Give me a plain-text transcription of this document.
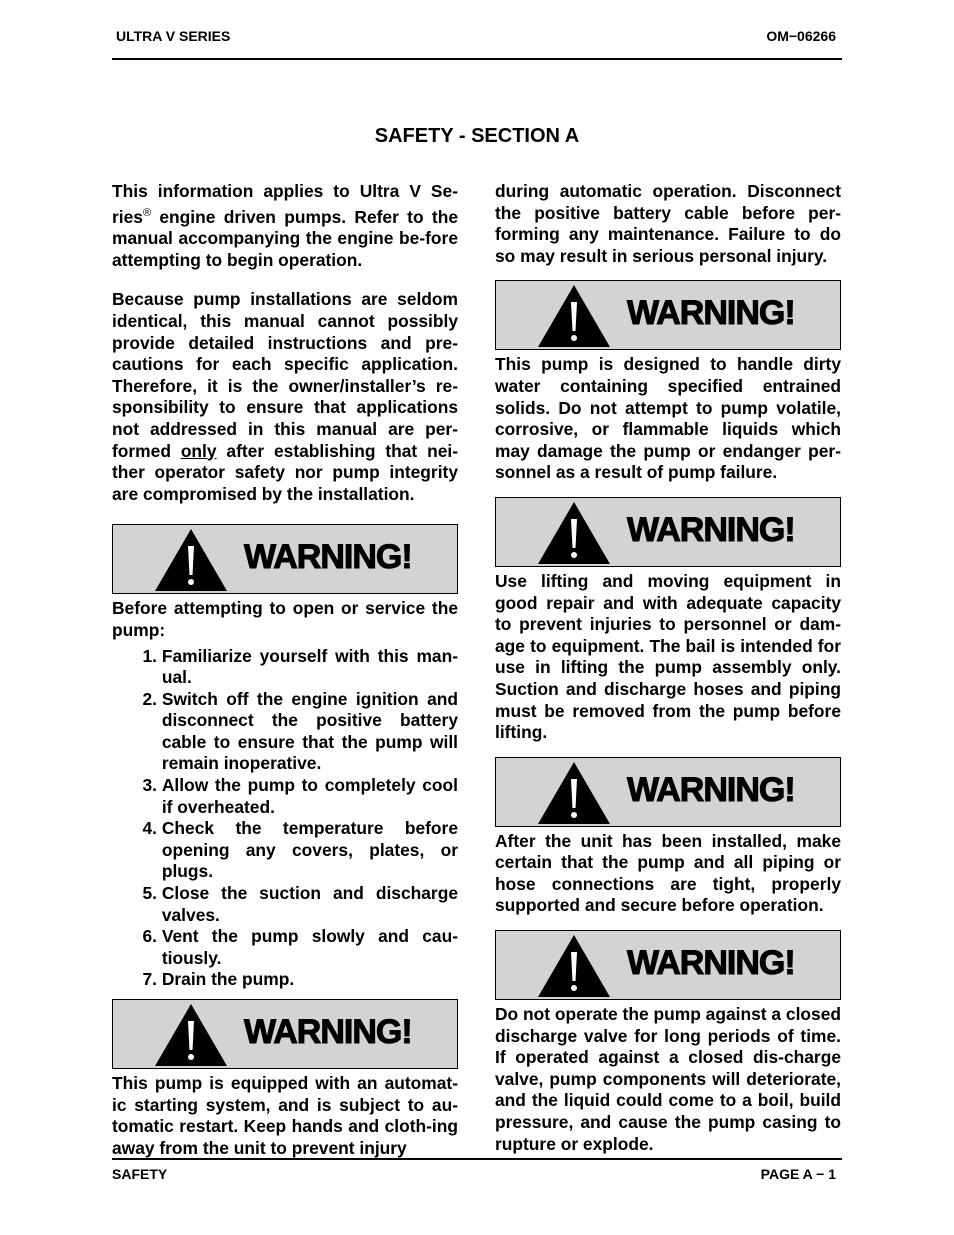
ULTRA V SERIES	OM−06266
SAFETY - SECTION A

This information applies to Ultra V Se-ries® engine driven pumps. Refer to the manual accompanying the engine be-fore attempting to begin operation.

Because pump installations are seldom identical, this manual cannot possibly provide detailed instructions and pre-cautions for each specific application. Therefore, it is the owner/installer’s re-sponsibility to ensure that applications not addressed in this manual are per-formed only after establishing that nei-ther operator safety nor pump integrity are compromised by the installation.

WARNING!

Before attempting to open or service the pump:

1.
Familiarize yourself with this man-ual.
2.
Switch off the engine ignition and disconnect the positive battery cable to ensure that the pump will remain inoperative.
3.
Allow the pump to completely cool if overheated.
4.
Check the temperature before opening any covers, plates, or plugs.
5.
Close the suction and discharge valves.
6.
Vent the pump slowly and cau-tiously.
7.
Drain the pump.
WARNING!

This pump is equipped with an automat-ic starting system, and is subject to au-tomatic restart. Keep hands and cloth-ing away from the unit to prevent injury

during automatic operation. Disconnect the positive battery cable before per-forming any maintenance. Failure to do so may result in serious personal injury.

WARNING!

This pump is designed to handle dirty water containing specified entrained solids. Do not attempt to pump volatile, corrosive, or flammable liquids which may damage the pump or endanger per-sonnel as a result of pump failure.

WARNING!

Use lifting and moving equipment in good repair and with adequate capacity to prevent injuries to personnel or dam-age to equipment. The bail is intended for use in lifting the pump assembly only. Suction and discharge hoses and piping must be removed from the pump before lifting.

WARNING!

After the unit has been installed, make certain that the pump and all piping or hose connections are tight, properly supported and secure before operation.

WARNING!

Do not operate the pump against a closed discharge valve for long periods of time. If operated against a closed dis-charge valve, pump components will deteriorate, and the liquid could come to a boil, build pressure, and cause the pump casing to rupture or explode.

SAFETY	PAGE A − 1
